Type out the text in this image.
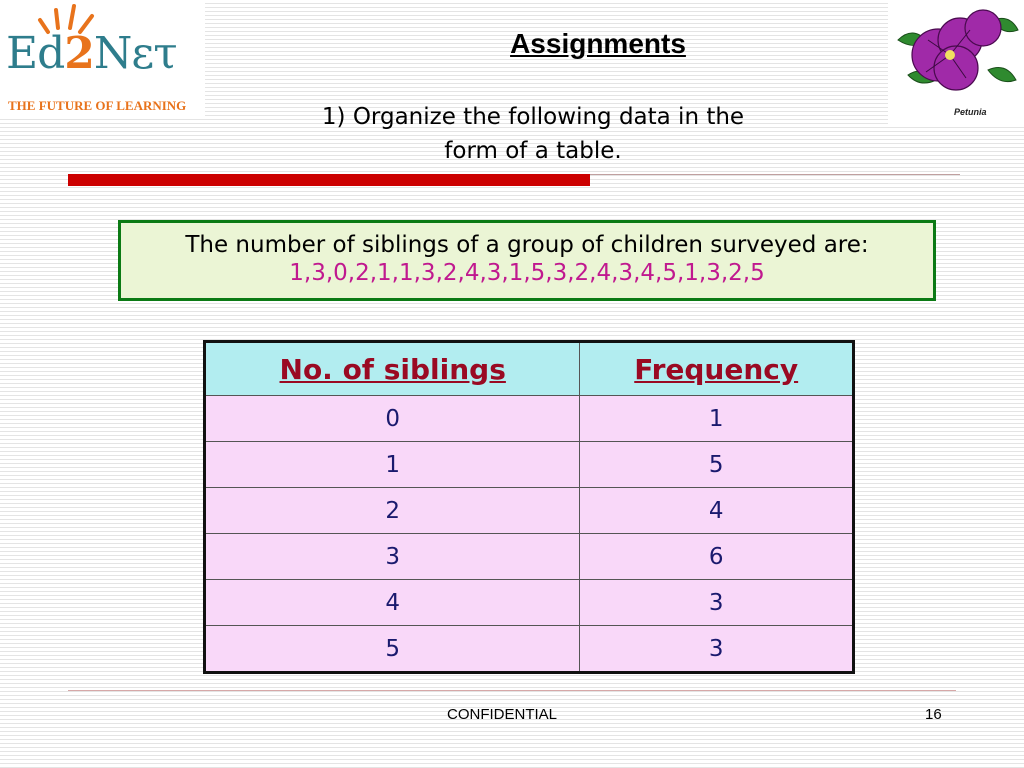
Ed2Nετ
THE FUTURE OF LEARNING	Petunia
Assignments
1) Organize the following data in the
form of a table.
The number of siblings of a group of children surveyed are:
1,3,0,2,1,1,3,2,4,3,1,5,3,2,4,3,4,5,1,3,2,5
No. of siblings	Frequency
0	1
1	5
2	4
3	6
4	3
5	3
CONFIDENTIAL	16
